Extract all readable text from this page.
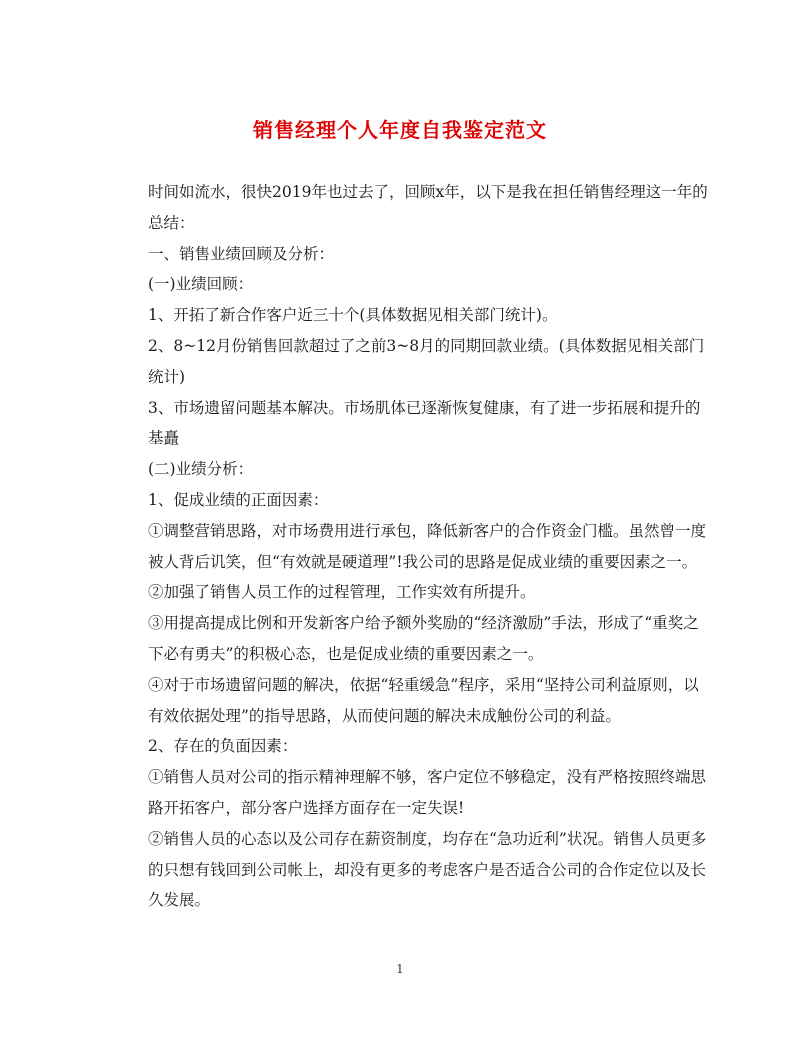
销售经理个人年度自我鉴定范文

时间如流水，很快2019年也过去了，回顾x年，以下是我在担任销售经理这一年的总结：

一、销售业绩回顾及分析：

(一)业绩回顾：

1、开拓了新合作客户近三十个(具体数据见相关部门统计)。

2、8~12月份销售回款超过了之前3~8月的同期回款业绩。(具体数据见相关部门统计)

3、市场遗留问题基本解决。市场肌体已逐渐恢复健康，有了进一步拓展和提升的基矗

(二)业绩分析：

1、促成业绩的正面因素：

①调整营销思路，对市场费用进行承包，降低新客户的合作资金门槛。虽然曾一度被人背后讥笑，但“有效就是硬道理”!我公司的思路是促成业绩的重要因素之一。

②加强了销售人员工作的过程管理，工作实效有所提升。

③用提高提成比例和开发新客户给予额外奖励的“经济激励”手法，形成了“重奖之下必有勇夫”的积极心态，也是促成业绩的重要因素之一。

④对于市场遗留问题的解决，依据“轻重缓急”程序，采用“坚持公司利益原则，以有效依据处理”的指导思路，从而使问题的解决未成触份公司的利益。

2、存在的负面因素：

①销售人员对公司的指示精神理解不够，客户定位不够稳定，没有严格按照终端思路开拓客户，部分客户选择方面存在一定失误!

②销售人员的心态以及公司存在薪资制度，均存在“急功近利”状况。销售人员更多的只想有钱回到公司帐上，却没有更多的考虑客户是否适合公司的合作定位以及长久发展。

1
